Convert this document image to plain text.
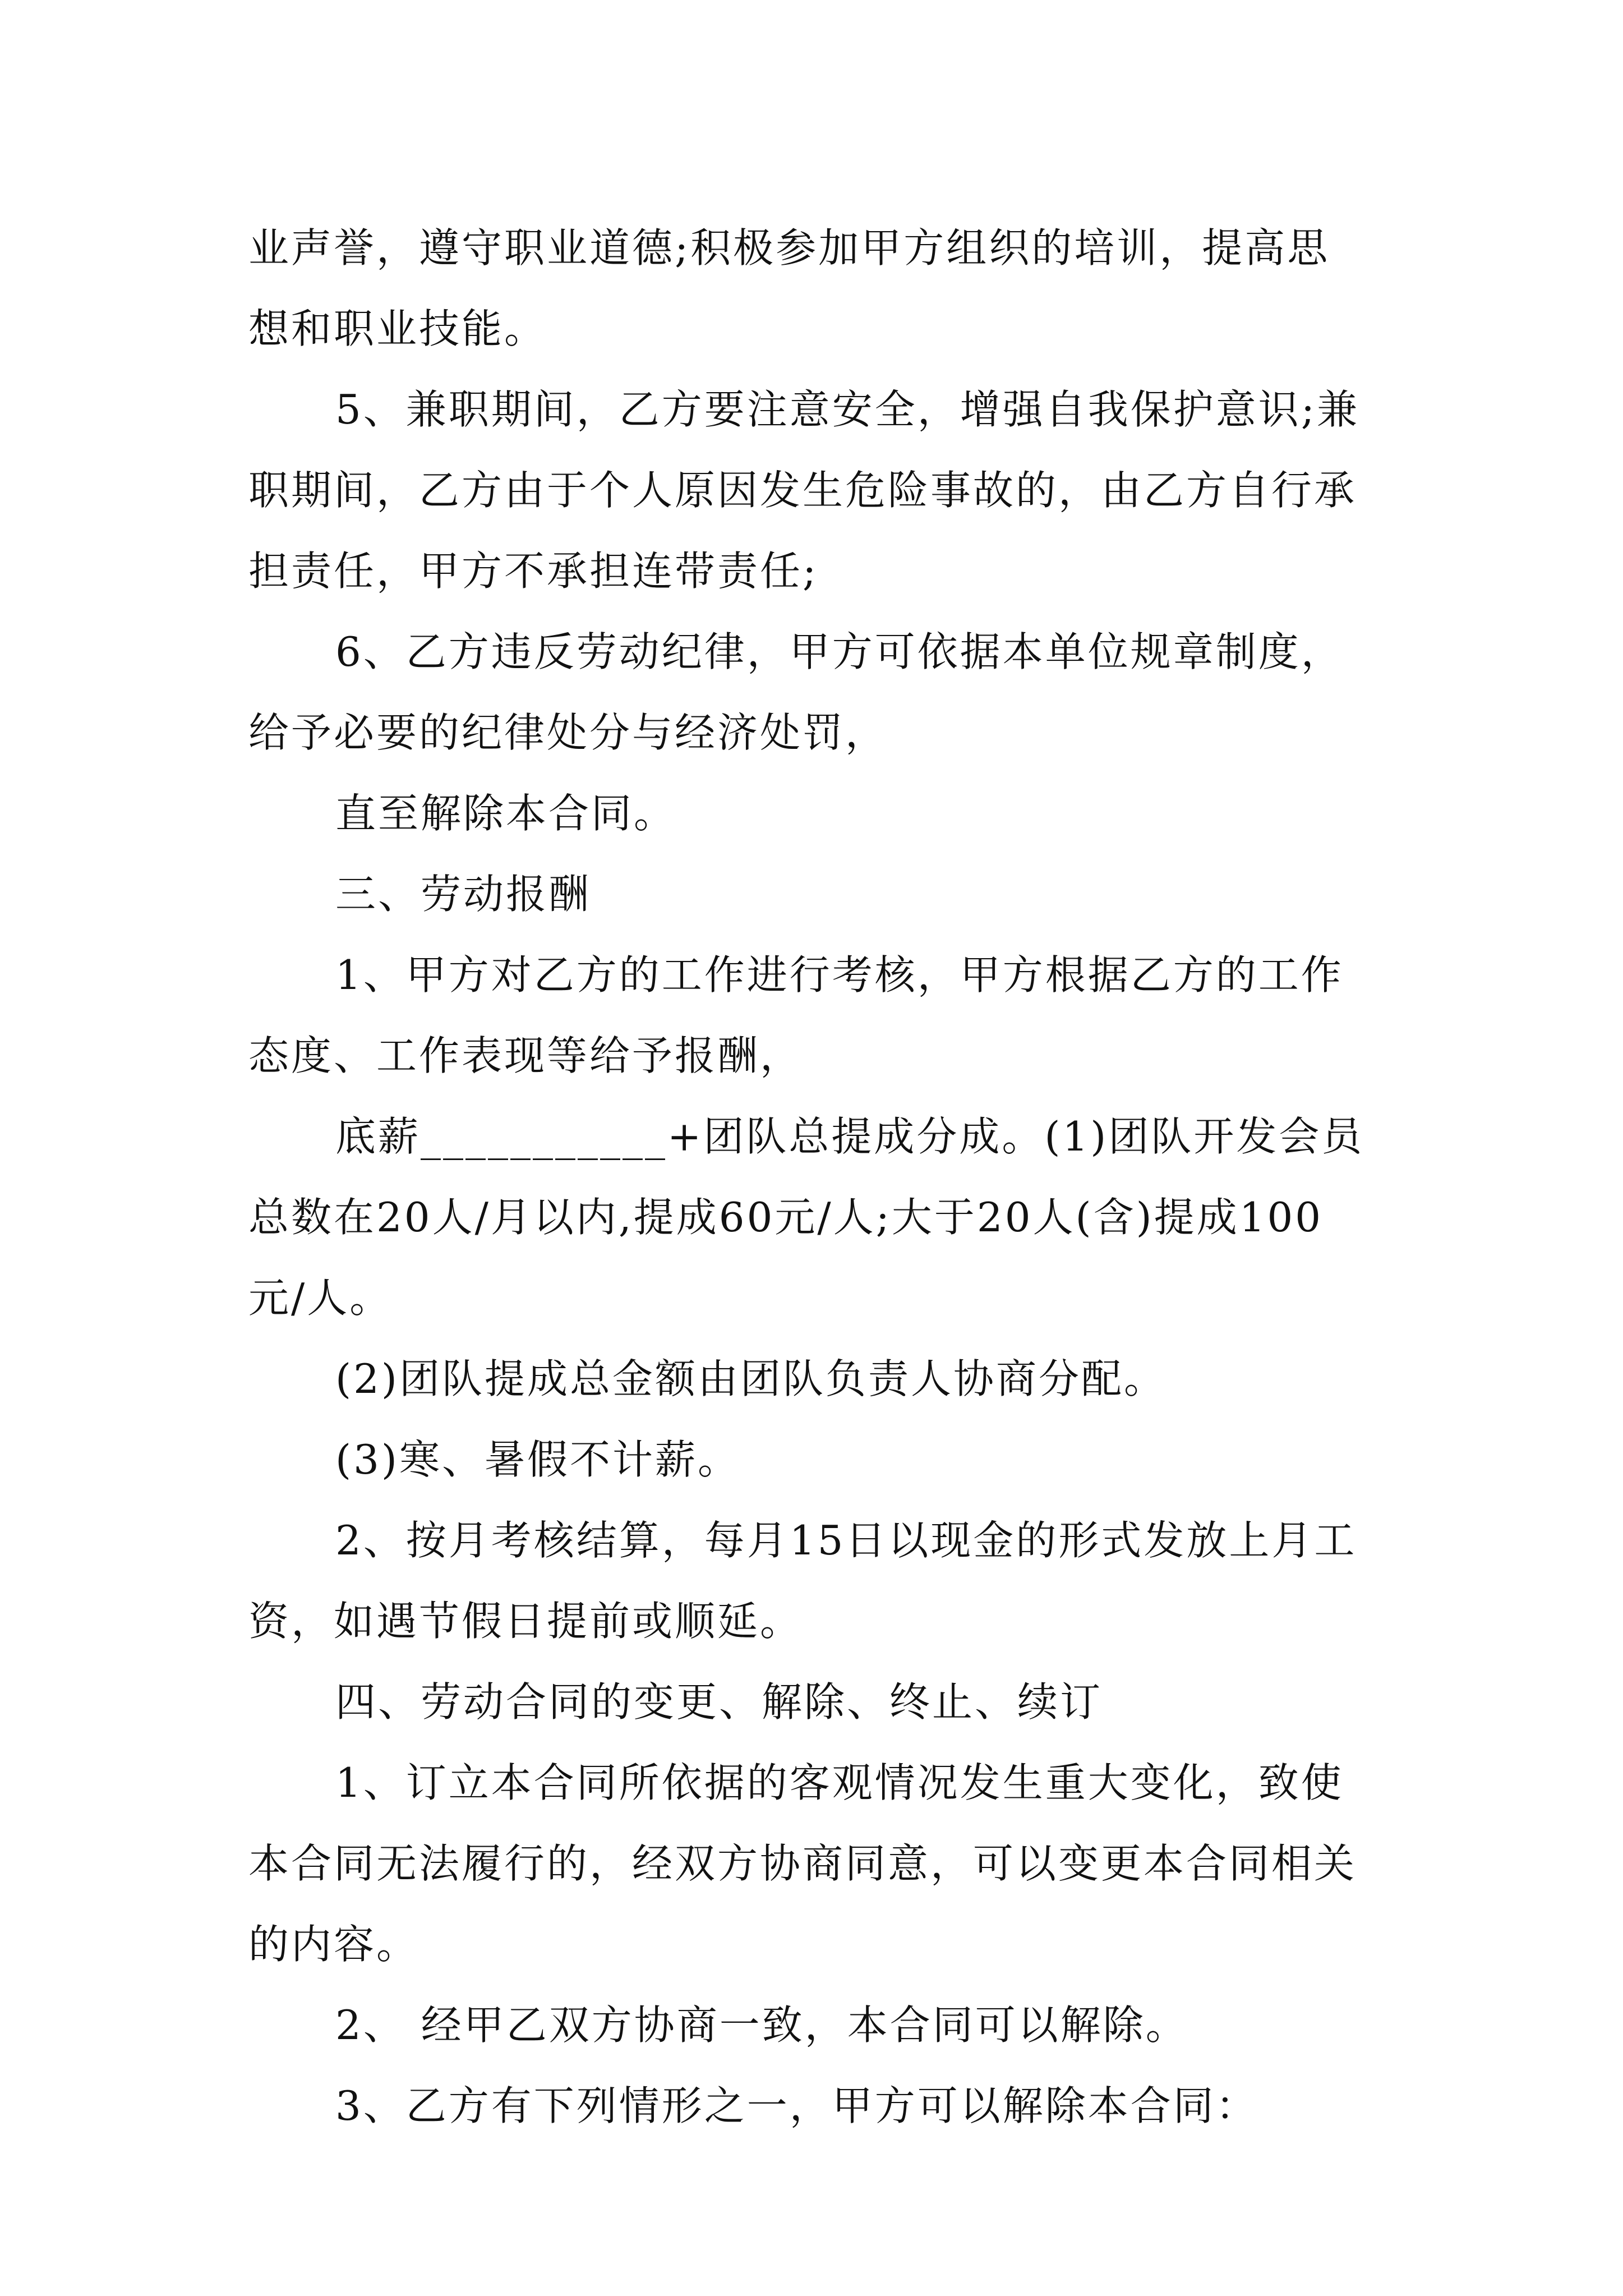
业声誉，遵守职业道德;积极参加甲方组织的培训，提高思
想和职业技能。
5、兼职期间，乙方要注意安全，增强自我保护意识;兼
职期间，乙方由于个人原因发生危险事故的，由乙方自行承
担责任，甲方不承担连带责任;
6、乙方违反劳动纪律，甲方可依据本单位规章制度，
给予必要的纪律处分与经济处罚，
直至解除本合同。
三、劳动报酬
1、甲方对乙方的工作进行考核，甲方根据乙方的工作
态度、工作表现等给予报酬，
底薪___________+团队总提成分成。(1)团队开发会员
总数在20人/月以内,提成60元/人;大于20人(含)提成100
元/人。
(2)团队提成总金额由团队负责人协商分配。
(3)寒、暑假不计薪。
2、按月考核结算，每月15日以现金的形式发放上月工
资，如遇节假日提前或顺延。
四、劳动合同的变更、解除、终止、续订
1、订立本合同所依据的客观情况发生重大变化，致使
本合同无法履行的，经双方协商同意，可以变更本合同相关
的内容。
2、 经甲乙双方协商一致，本合同可以解除。
3、乙方有下列情形之一，甲方可以解除本合同：
